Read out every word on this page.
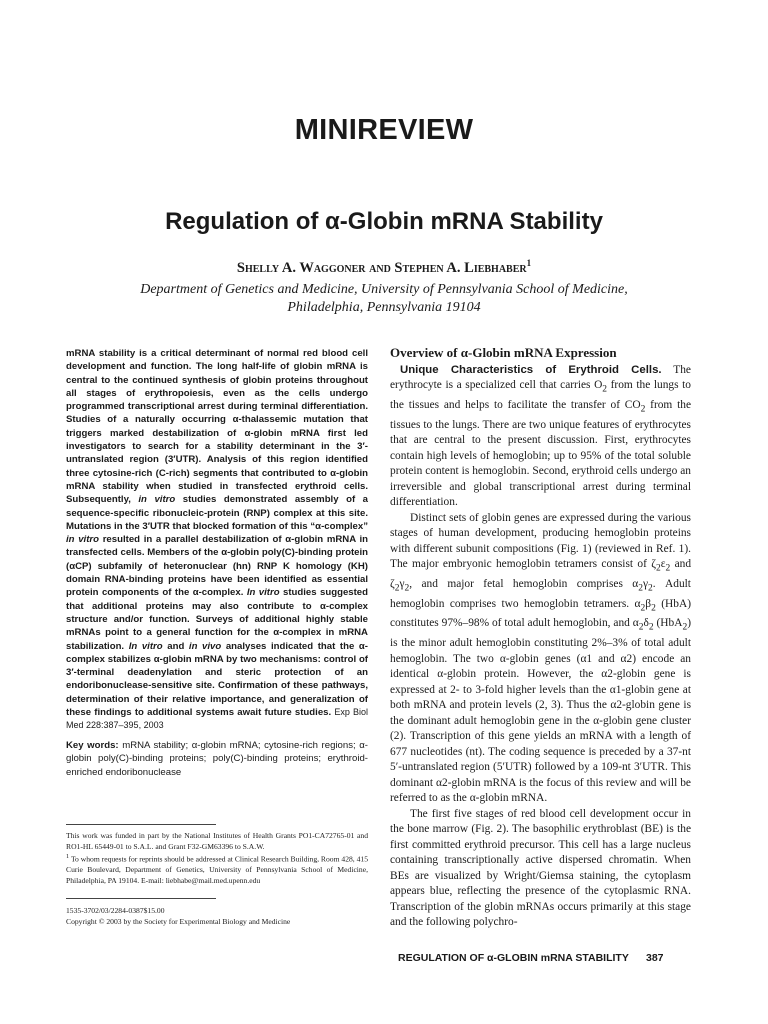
MINIREVIEW
Regulation of α-Globin mRNA Stability
Shelly A. Waggoner and Stephen A. Liebhaber$^1$
Department of Genetics and Medicine, University of Pennsylvania School of Medicine,
Philadelphia, Pennsylvania 19104
mRNA stability is a critical determinant of normal red blood cell development and function. The long half-life of globin mRNA is central to the continued synthesis of globin proteins throughout all stages of erythropoiesis, even as the cells undergo programmed transcriptional arrest during terminal differentiation. Studies of a naturally occurring α-thalassemic mutation that triggers marked destabilization of α-globin mRNA first led investigators to search for a stability determinant in the 3′-untranslated region (3′UTR). Analysis of this region identified three cytosine-rich (C-rich) segments that contributed to α-globin mRNA stability when studied in transfected erythroid cells. Subsequently, in vitro studies demonstrated assembly of a sequence-specific ribonucleic-protein (RNP) complex at this site. Mutations in the 3′UTR that blocked formation of this “α-complex” in vitro resulted in a parallel destabilization of α-globin mRNA in transfected cells. Members of the α-globin poly(C)-binding protein (αCP) subfamily of heteronuclear (hn) RNP K homology (KH) domain RNA-binding proteins have been identified as essential protein components of the α-complex. In vitro studies suggested that additional proteins may also contribute to α-complex structure and/or function. Surveys of additional highly stable mRNAs point to a general function for the α-complex in mRNA stabilization. In vitro and in vivo analyses indicated that the α-complex stabilizes α-globin mRNA by two mechanisms: control of 3′-terminal deadenylation and steric protection of an endoribonuclease-sensitive site. Confirmation of these pathways, determination of their relative importance, and generalization of these findings to additional systems await future studies. Exp Biol Med 228:387–395, 2003
Key words: mRNA stability; α-globin mRNA; cytosine-rich regions; α-globin poly(C)-binding proteins; poly(C)-binding proteins; erythroid-enriched endoribonuclease
This work was funded in part by the National Institutes of Health Grants PO1-CA72765-01 and RO1-HL 65449-01 to S.A.L. and Grant F32-GM63396 to S.A.W.
$^1$ To whom requests for reprints should be addressed at Clinical Research Building, Room 428, 415 Curie Boulevard, Department of Genetics, University of Pennsylvania School of Medicine, Philadelphia, PA 19104. E-mail: liebhabe@mail.med.upenn.edu
1535-3702/03/2284-0387$15.00
Copyright © 2003 by the Society for Experimental Biology and Medicine
Overview of α-Globin mRNA Expression

Unique Characteristics of Erythroid Cells. The erythrocyte is a specialized cell that carries $O_2$ from the lungs to the tissues and helps to facilitate the transfer of $CO_2$ from the tissues to the lungs. There are two unique features of erythrocytes that are central to the present discussion. First, erythrocytes contain high levels of hemoglobin; up to 95% of the total soluble protein content is hemoglobin. Second, erythroid cells undergo an irreversible and global transcriptional arrest during terminal differentiation.

Distinct sets of globin genes are expressed during the various stages of human development, producing hemoglobin proteins with different subunit compositions (Fig. 1) (reviewed in Ref. 1). The major embryonic hemoglobin tetramers consist of $\zeta_2\varepsilon_2$ and $\zeta_2\gamma_2$, and major fetal hemoglobin comprises $\alpha_2\gamma_2$. Adult hemoglobin comprises two hemoglobin tetramers. $\alpha_2\beta_2$ (HbA) constitutes 97%–98% of total adult hemoglobin, and $\alpha_2\delta_2$ (HbA$_2$) is the minor adult hemoglobin constituting 2%–3% of total adult hemoglobin. The two α-globin genes (α1 and α2) encode an identical α-globin protein. However, the α2-globin gene is expressed at 2- to 3-fold higher levels than the α1-globin gene at both mRNA and protein levels (2, 3). Thus the α2-globin gene is the dominant adult hemoglobin gene in the α-globin gene cluster (2). Transcription of this gene yields an mRNA with a length of 677 nucleotides (nt). The coding sequence is preceded by a 37-nt 5′-untranslated region (5′UTR) followed by a 109-nt 3′UTR. This dominant α2-globin mRNA is the focus of this review and will be referred to as the α-globin mRNA.

The first five stages of red blood cell development occur in the bone marrow (Fig. 2). The basophilic erythroblast (BE) is the first committed erythroid precursor. This cell has a large nucleus containing transcriptionally active dispersed chromatin. When BEs are visualized by Wright/Giemsa staining, the cytoplasm appears blue, reflecting the presence of the cytoplasmic RNA. Transcription of the globin mRNAs occurs primarily at this stage and the following polychro-

REGULATION OF α-GLOBIN mRNA STABILITY 387
